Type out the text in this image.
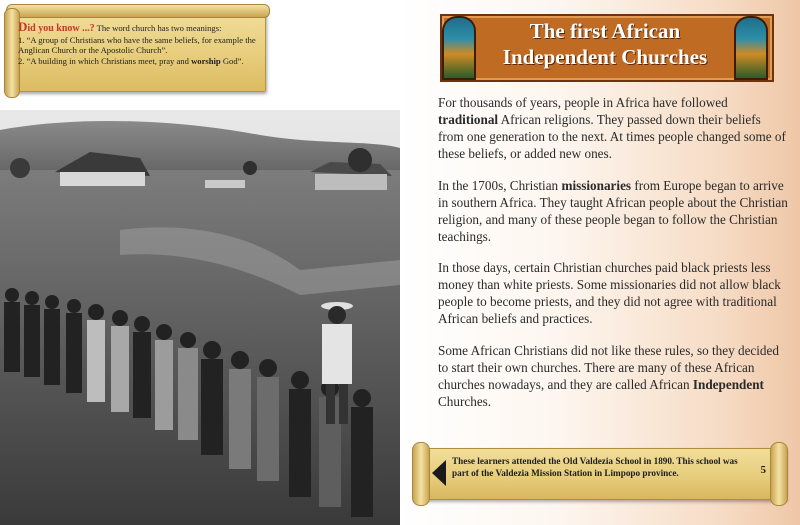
Did you know ...? The word church has two meanings:
1. “A group of Christians who have the same beliefs, for example the Anglican Church or the Apostolic Church”.
2. “A building in which Christians meet, pray and worship God”.
The first African
Independent Churches

For thousands of years, people in Africa have followed traditional African religions. They passed down their beliefs from one generation to the next. At times people changed some of these beliefs, or added new ones.

In the 1700s, Christian missionaries from Europe began to arrive in southern Africa. They taught African people about the Christian religion, and many of these people began to follow the Christian teachings.

In those days, certain Christian churches paid black priests less money than white priests. Some missionaries did not allow black people to become priests, and they did not agree with traditional African beliefs and practices.

Some African Christians did not like these rules, so they decided to start their own churches. There are many of these African churches nowadays, and they are called African Independent Churches.

These learners attended the Old Valdezia School in 1890. This school was part of the Valdezia Mission Station in Limpopo province.	5
